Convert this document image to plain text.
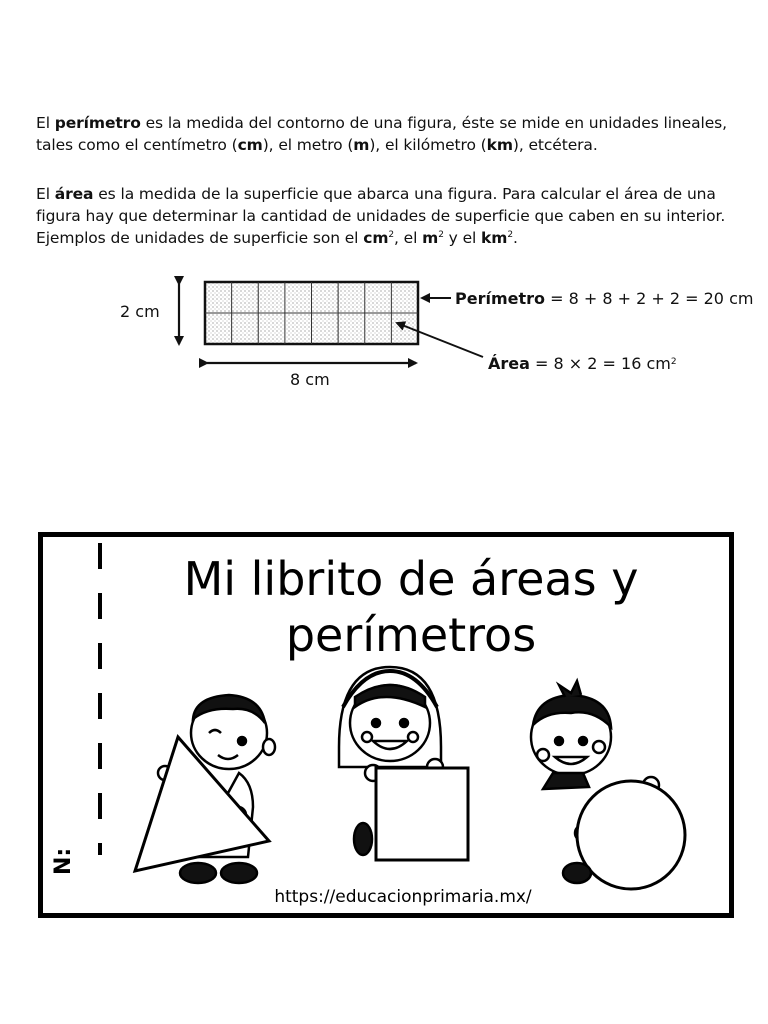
El perímetro es la medida del contorno de una figura, éste se mide en unidades lineales, tales como el centímetro (cm), el metro (m), el kilómetro (km), etcétera.
El área es la medida de la superficie que abarca una figura. Para calcular el área de una figura hay que determinar la cantidad de unidades de superficie que caben en su interior. Ejemplos de unidades de superficie son el $cm^2$, el $m^2$ y el $km^2$.
2 cm
8 cm
Perímetro = 8 + 8 + 2 + 2 = 20 cm
Área = 8 × 2 = 16 $cm^2$
Mi librito de áreas y perímetros
N:
https://educacionprimaria.mx/
